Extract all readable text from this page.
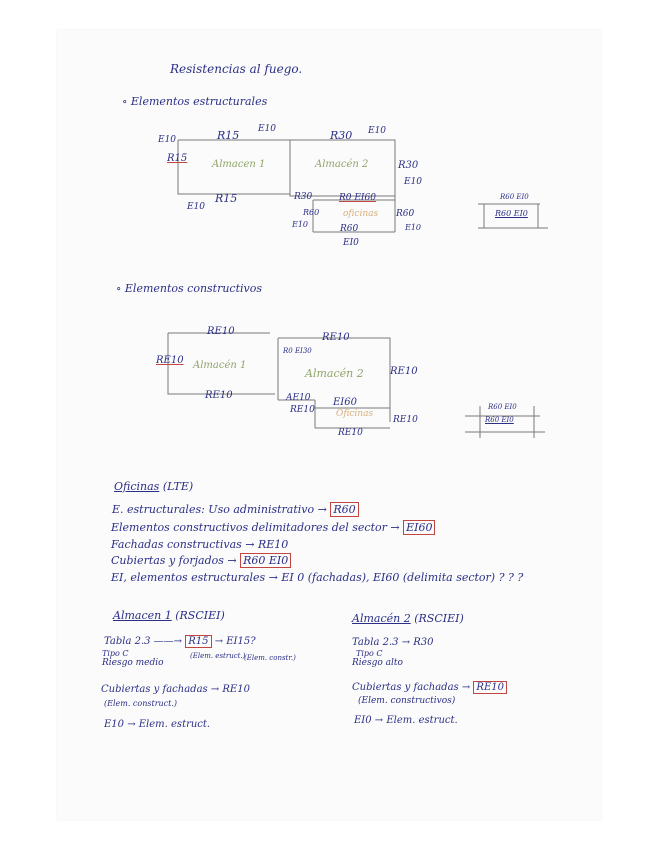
Resistencias al fuego.
∘ Elementos estructurales
E10	R15 E10	R30 E10
R15
Almacen 1	Almacén 2	R30
E10
E10
R15	R30	R0 EI60
R60	oficinas R60
E10	R60	E10
EI0
R60 EI0
R60 EI0
∘ Elementos constructivos
RE10
RE10
RE10 Almacén 1
R0 EI30
Almacén 2	RE10
RE10	AE10 EI60
RE10 Oficinas
RE10
RE10
R60 EI0
R60 EI0
Oficinas (LTE)
E. estructurales: Uso administrativo → R60
Elementos constructivos delimitadores del sector → EI60
Fachadas constructivas → RE10
Cubiertas y forjados → R60 EI0
EI, elementos estructurales → EI 0 (fachadas), EI60 (delimita sector) ? ? ?
Almacen 1 (RSCIEI)
Tabla 2.3 ——→ R15 → EI15?
Tipo C
Riesgo medio
(Elem. estruct.)
(Elem. constr.)
Cubiertas y fachadas → RE10
(Elem. construct.)
E10 → Elem. estruct.
Almacén 2 (RSCIEI)
Tabla 2.3 → R30
Tipo C
Riesgo alto
Cubiertas y fachadas → RE10
(Elem. constructivos)
EI0 → Elem. estruct.
